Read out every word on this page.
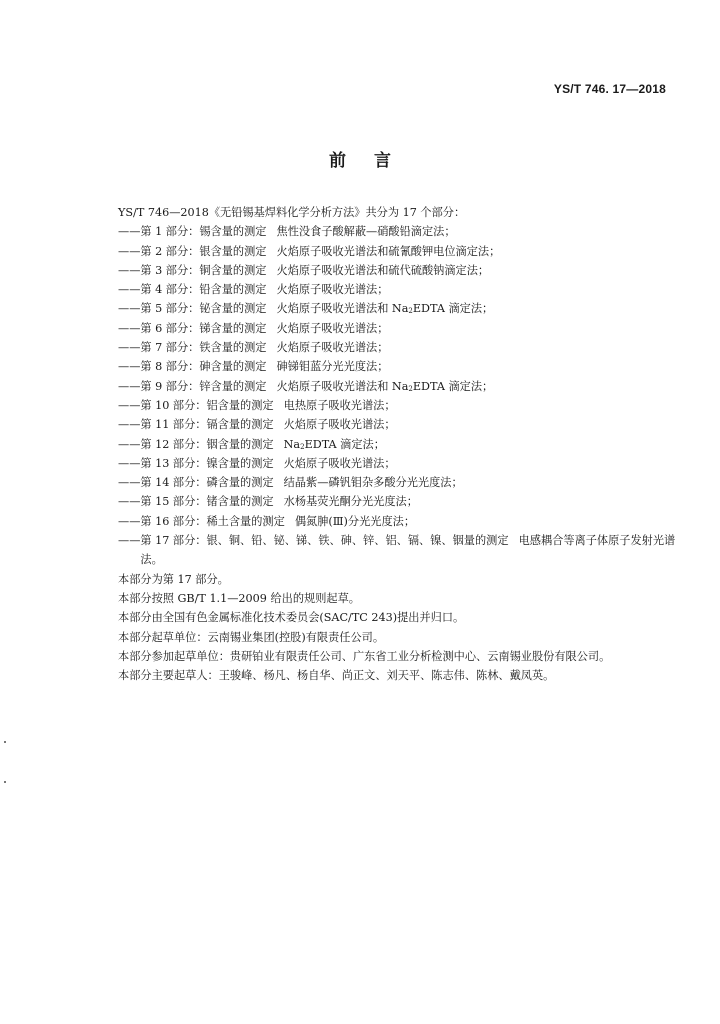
YS/T 746. 17—2018
前言
YS/T 746—2018《无铅锡基焊料化学分析方法》共分为 17 个部分：
—— 第 1 部分：锡含量的测定 焦性没食子酸解蔽—硝酸铅滴定法；
—— 第 2 部分：银含量的测定 火焰原子吸收光谱法和硫氰酸钾电位滴定法；
—— 第 3 部分：铜含量的测定 火焰原子吸收光谱法和硫代硫酸钠滴定法；
—— 第 4 部分：铅含量的测定 火焰原子吸收光谱法；
—— 第 5 部分：铋含量的测定 火焰原子吸收光谱法和 $Na_2EDTA$ 滴定法；
—— 第 6 部分：锑含量的测定 火焰原子吸收光谱法；
—— 第 7 部分：铁含量的测定 火焰原子吸收光谱法；
—— 第 8 部分：砷含量的测定 砷锑钼蓝分光光度法；
—— 第 9 部分：锌含量的测定 火焰原子吸收光谱法和 $Na_2EDTA$ 滴定法；
—— 第 10 部分：铝含量的测定 电热原子吸收光谱法；
—— 第 11 部分：镉含量的测定 火焰原子吸收光谱法；
—— 第 12 部分：铟含量的测定 $Na_2EDTA$ 滴定法；
—— 第 13 部分：镍含量的测定 火焰原子吸收光谱法；
—— 第 14 部分：磷含量的测定 结晶紫—磷钒钼杂多酸分光光度法；
—— 第 15 部分：锗含量的测定 水杨基荧光酮分光光度法；
—— 第 16 部分：稀土含量的测定 偶氮胂(Ⅲ)分光光度法；
—— 第 17 部分：银、铜、铅、铋、锑、铁、砷、锌、铝、镉、镍、铟量的测定 电感耦合等离子体原子发射光谱法。
本部分为第 17 部分。
本部分按照 GB/T 1.1—2009 给出的规则起草。
本部分由全国有色金属标准化技术委员会(SAC/TC 243)提出并归口。
本部分起草单位：云南锡业集团(控股)有限责任公司。
本部分参加起草单位：贵研铂业有限责任公司、广东省工业分析检测中心、云南锡业股份有限公司。
本部分主要起草人：王骏峰、杨凡、杨自华、尚正文、刘天平、陈志伟、陈林、戴凤英。
